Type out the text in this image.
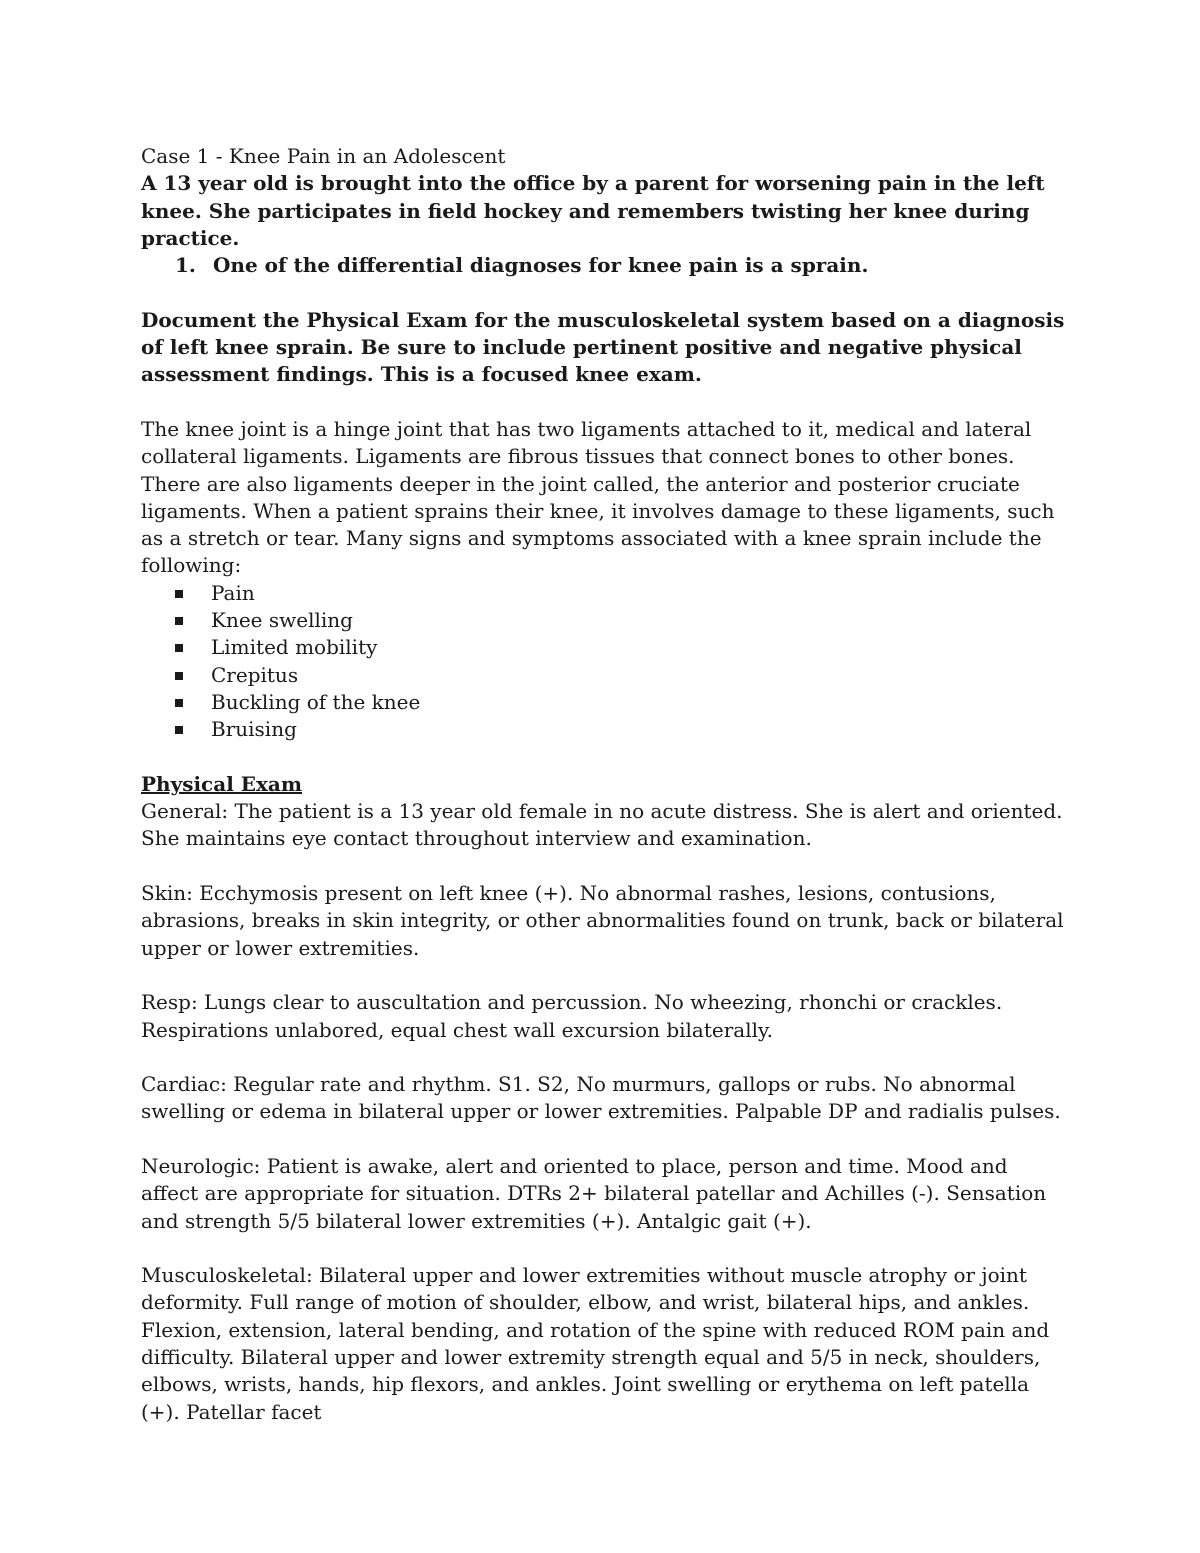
Case 1 - Knee Pain in an Adolescent

A 13 year old is brought into the office by a parent for worsening pain in the left knee. She participates in field hockey and remembers twisting her knee during practice.

1. One of the differential diagnoses for knee pain is a sprain.

Document the Physical Exam for the musculoskeletal system based on a diagnosis of left knee sprain. Be sure to include pertinent positive and negative physical assessment findings. This is a focused knee exam.

The knee joint is a hinge joint that has two ligaments attached to it, medical and lateral collateral ligaments. Ligaments are fibrous tissues that connect bones to other bones. There are also ligaments deeper in the joint called, the anterior and posterior cruciate ligaments. When a patient sprains their knee, it involves damage to these ligaments, such as a stretch or tear. Many signs and symptoms associated with a knee sprain include the following:

Pain
Knee swelling
Limited mobility
Crepitus
Buckling of the knee
Bruising

Physical Exam

General: The patient is a 13 year old female in no acute distress. She is alert and oriented. She maintains eye contact throughout interview and examination.

Skin: Ecchymosis present on left knee (+). No abnormal rashes, lesions, contusions, abrasions, breaks in skin integrity, or other abnormalities found on trunk, back or bilateral upper or lower extremities.

Resp: Lungs clear to auscultation and percussion. No wheezing, rhonchi or crackles. Respirations unlabored, equal chest wall excursion bilaterally.

Cardiac: Regular rate and rhythm. S1. S2, No murmurs, gallops or rubs. No abnormal swelling or edema in bilateral upper or lower extremities. Palpable DP and radialis pulses.

Neurologic: Patient is awake, alert and oriented to place, person and time. Mood and affect are appropriate for situation. DTRs 2+ bilateral patellar and Achilles (-). Sensation and strength 5/5 bilateral lower extremities (+). Antalgic gait (+).

Musculoskeletal: Bilateral upper and lower extremities without muscle atrophy or joint deformity. Full range of motion of shoulder, elbow, and wrist, bilateral hips, and ankles. Flexion, extension, lateral bending, and rotation of the spine with reduced ROM pain and difficulty. Bilateral upper and lower extremity strength equal and 5/5 in neck, shoulders, elbows, wrists, hands, hip flexors, and ankles. Joint swelling or erythema on left patella (+). Patellar facet
